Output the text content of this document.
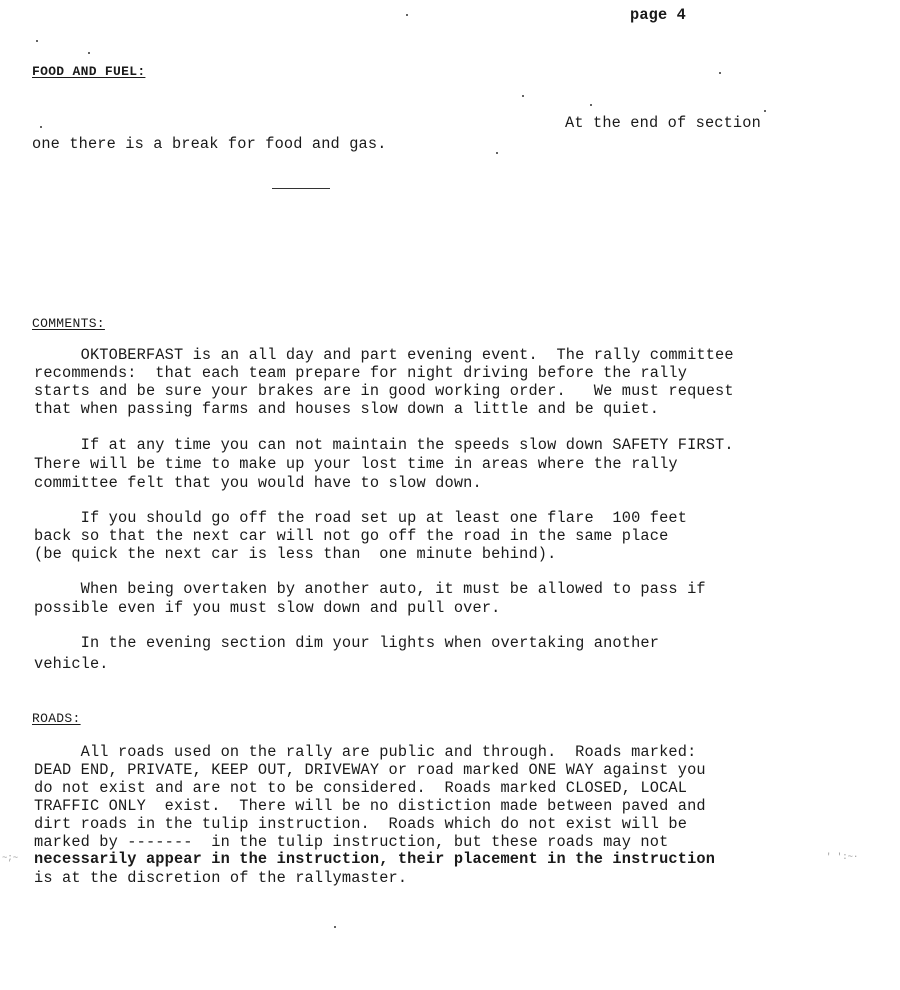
page 4
FOOD AND FUEL:
At the end of section
one there is a break for food and gas.
COMMENTS:
OKTOBERFAST is an all day and part evening event.  The rally committee
recommends:  that each team prepare for night driving before the rally
starts and be sure your brakes are in good working order.   We must request
that when passing farms and houses slow down a little and be quiet.
If at any time you can not maintain the speeds slow down SAFETY FIRST.
There will be time to make up your lost time in areas where the rally
committee felt that you would have to slow down.
If you should go off the road set up at least one flare  100 feet
back so that the next car will not go off the road in the same place
(be quick the next car is less than  one minute behind).
When being overtaken by another auto, it must be allowed to pass if
possible even if you must slow down and pull over.
In the evening section dim your lights when overtaking another
vehicle.
ROADS:
All roads used on the rally are public and through.  Roads marked:
DEAD END, PRIVATE, KEEP OUT, DRIVEWAY or road marked ONE WAY against you
do not exist and are not to be considered.  Roads marked CLOSED, LOCAL
TRAFFIC ONLY  exist.  There will be no distiction made between paved and
dirt roads in the tulip instruction.  Roads which do not exist will be
marked by -------  in the tulip instruction, but these roads may not
necessarily appear in the instruction, their placement in the instruction
is at the discretion of the rallymaster.
~;~	' ':~·
